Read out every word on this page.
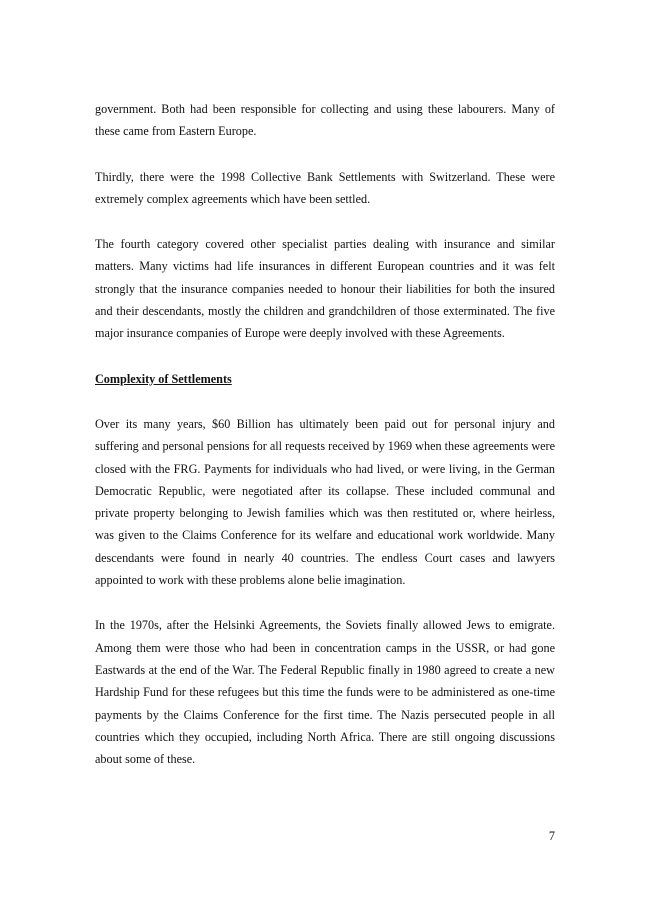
government. Both had been responsible for collecting and using these labourers. Many of these came from Eastern Europe.

Thirdly, there were the 1998 Collective Bank Settlements with Switzerland. These were extremely complex agreements which have been settled.

The fourth category covered other specialist parties dealing with insurance and similar matters. Many victims had life insurances in different European countries and it was felt strongly that the insurance companies needed to honour their liabilities for both the insured and their descendants, mostly the children and grandchildren of those exterminated. The five major insurance companies of Europe were deeply involved with these Agreements.

Complexity of Settlements

Over its many years, $60 Billion has ultimately been paid out for personal injury and suffering and personal pensions for all requests received by 1969 when these agreements were closed with the FRG. Payments for individuals who had lived, or were living, in the German Democratic Republic, were negotiated after its collapse. These included communal and private property belonging to Jewish families which was then restituted or, where heirless, was given to the Claims Conference for its welfare and educational work worldwide. Many descendants were found in nearly 40 countries. The endless Court cases and lawyers appointed to work with these problems alone belie imagination.

In the 1970s, after the Helsinki Agreements, the Soviets finally allowed Jews to emigrate. Among them were those who had been in concentration camps in the USSR, or had gone Eastwards at the end of the War. The Federal Republic finally in 1980 agreed to create a new Hardship Fund for these refugees but this time the funds were to be administered as one-time payments by the Claims Conference for the first time. The Nazis persecuted people in all countries which they occupied, including North Africa. There are still ongoing discussions about some of these.

7
